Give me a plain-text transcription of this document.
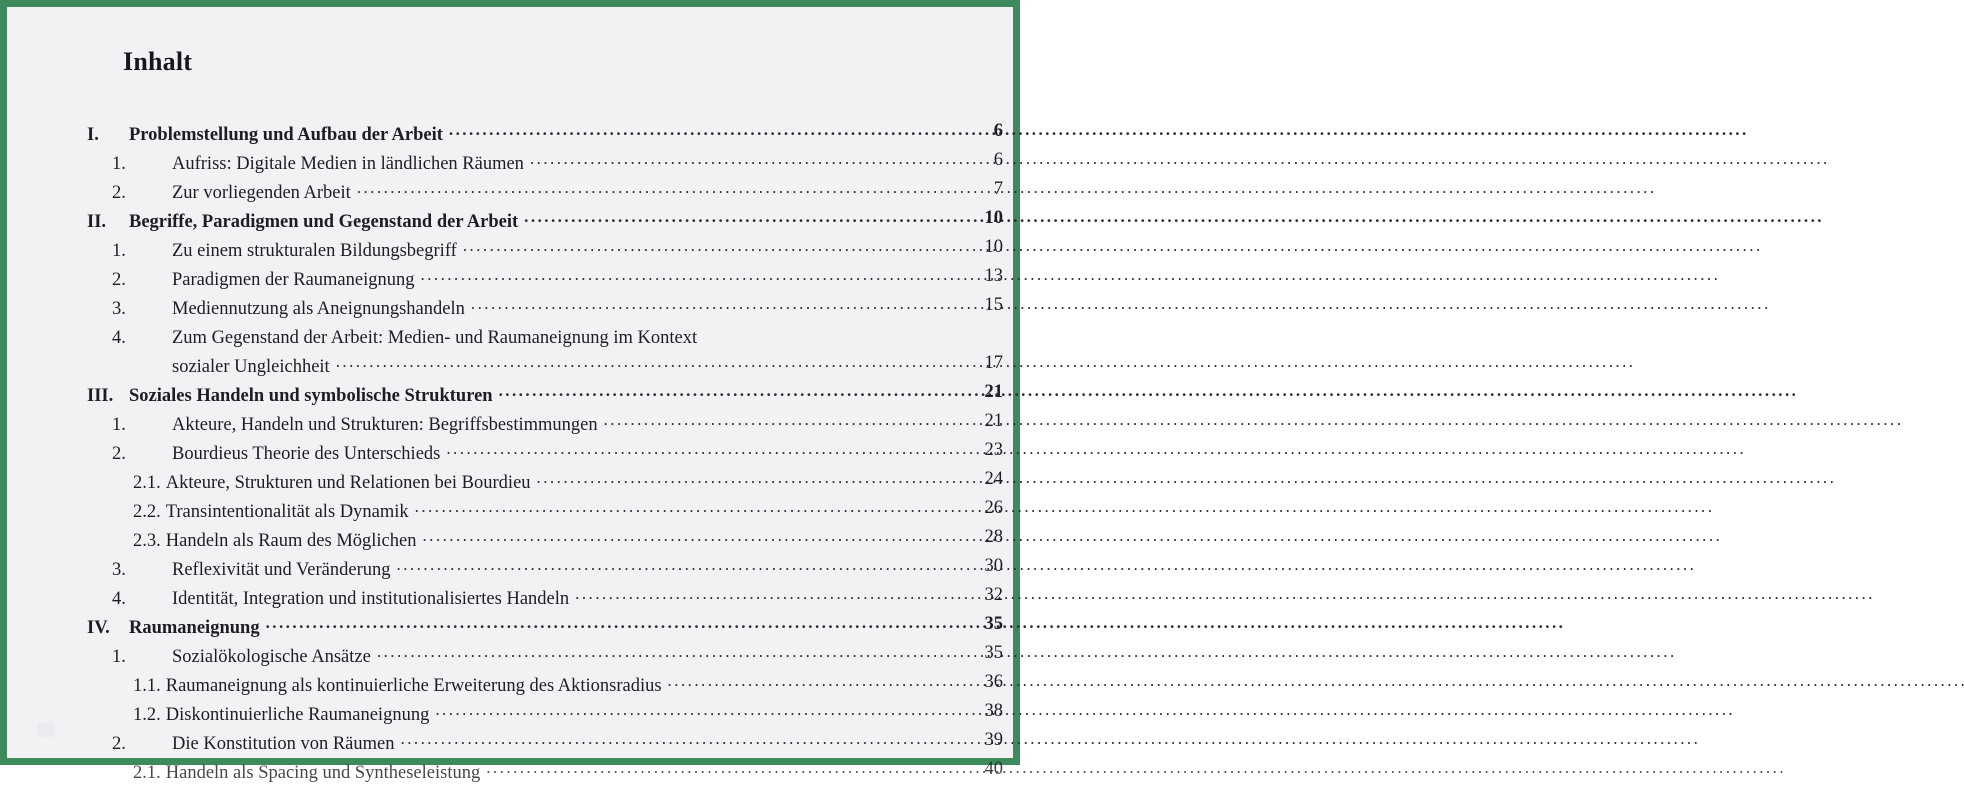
Inhalt
I.	Problemstellung und Aufbau der Arbeit . . .	6
1.	Aufriss: Digitale Medien in ländlichen Räumen . . .	6
2.	Zur vorliegenden Arbeit . . .	7
II.	Begriffe, Paradigmen und Gegenstand der Arbeit . . .	10
1.	Zu einem strukturalen Bildungsbegriff . . .	10
2.	Paradigmen der Raumaneignung . . .	13
3.	Mediennutzung als Aneignungshandeln . . .	15
4.	Zum Gegenstand der Arbeit: Medien- und Raumaneignung im Kontext
sozialer Ungleichheit . . .	17
III. Soziales Handeln und symbolische Strukturen . . .	21
1.	Akteure, Handeln und Strukturen: Begriffsbestimmungen . . .	21
2.	Bourdieus Theorie des Unterschieds . . .	23
2.1. Akteure, Strukturen und Relationen bei Bourdieu . . .	24
2.2. Transintentionalität als Dynamik . . .	26
2.3. Handeln als Raum des Möglichen . . .	28
3.	Reflexivität und Veränderung . . .	30
4.	Identität, Integration und institutionalisiertes Handeln . . .	32
IV.	Raumaneignung . . .	35
1.	Sozialökologische Ansätze . . .	35
1.1. Raumaneignung als kontinuierliche Erweiterung des Aktionsradius . . .	36
1.2. Diskontinuierliche Raumaneignung . . .	38
2.	Die Konstitution von Räumen . . .	39
2.1. Handeln als Spacing und Syntheseleistung . . .	40
